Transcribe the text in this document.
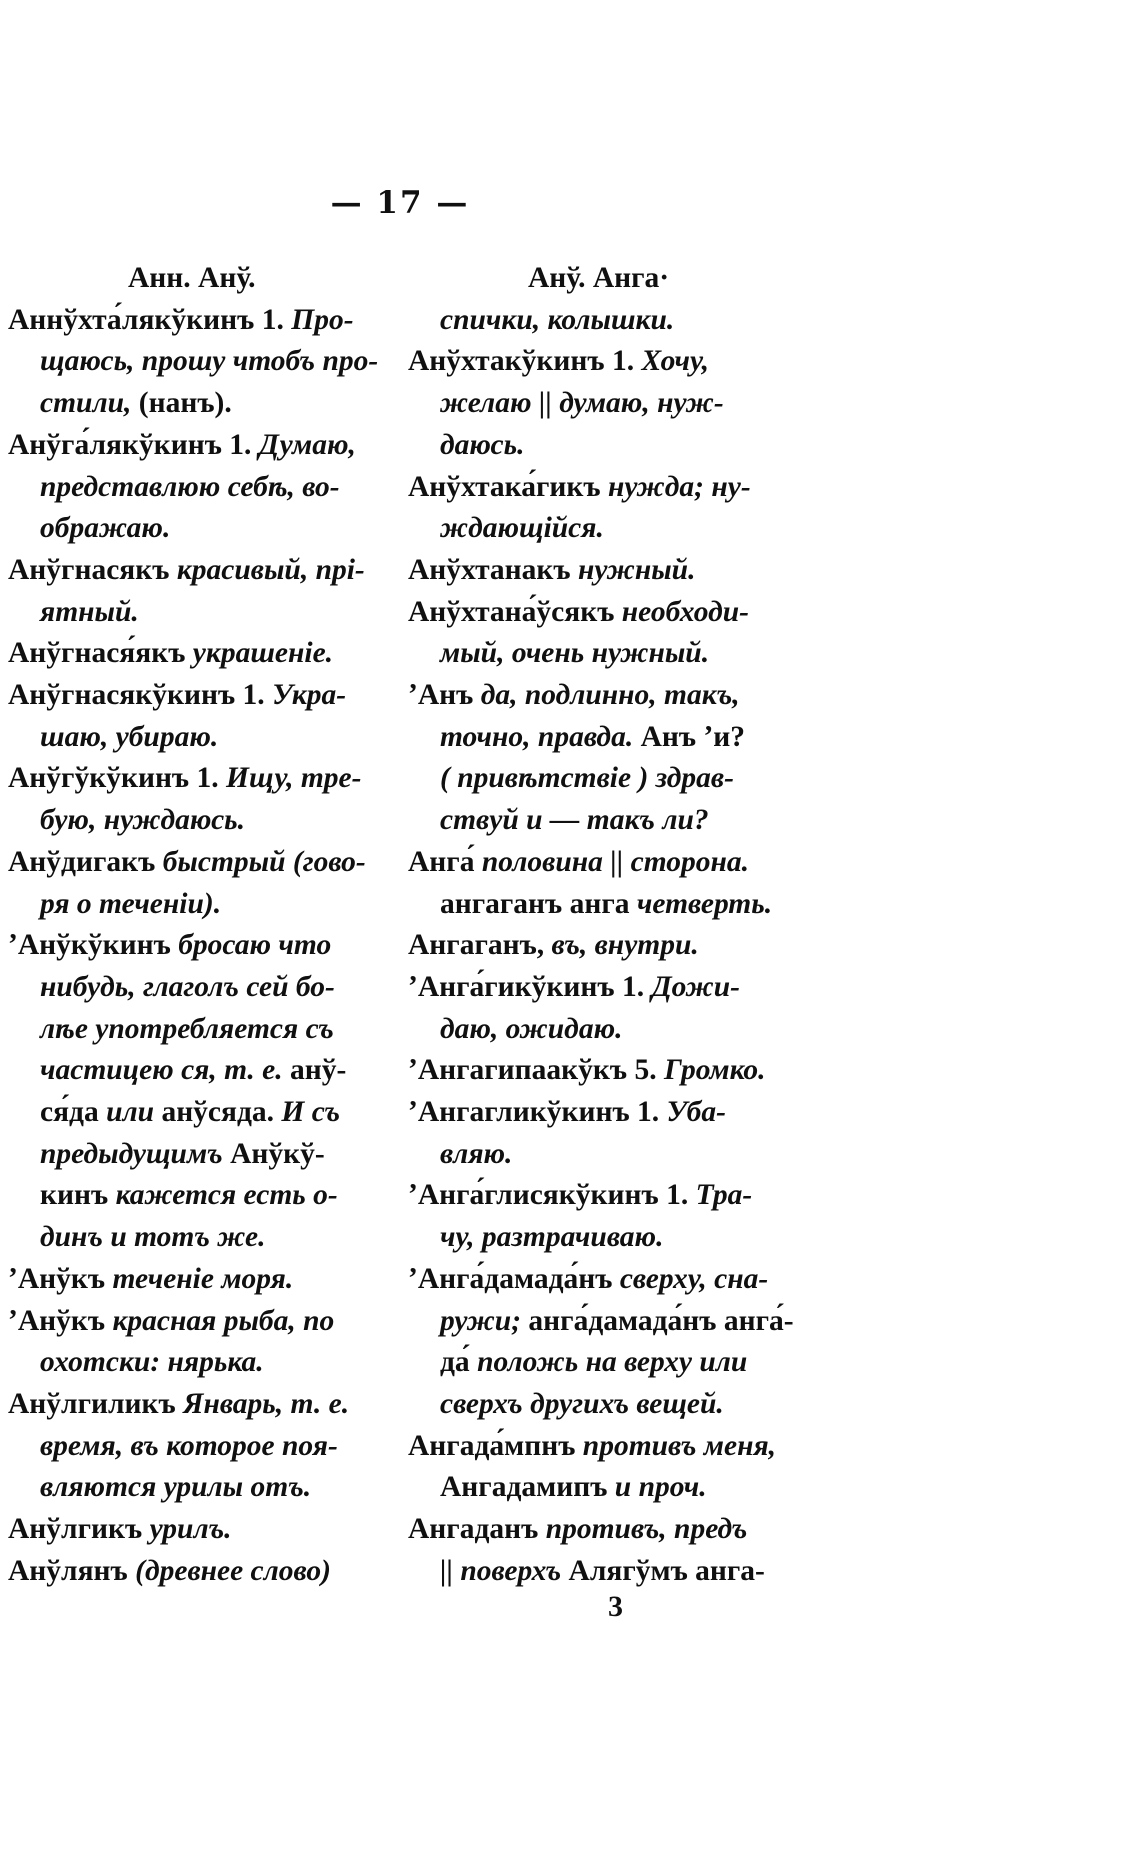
— 17 —
Анн. Анў.
Аннўхта́лякўкинъ 1. Про-
щаюсь, прошу чтобъ про-
стили, (нанъ).
Анўга́лякўкинъ 1. Думаю,
представлюю себѣ, во-
ображаю.
Анўгнасякъ красивый, прі-
ятный.
Анўгнася́якъ украшеніе.
Анўгнасякўкинъ 1. Укра-
шаю, убираю.
Анўгўкўкинъ 1. Ищу, тре-
бую, нуждаюсь.
Анўдигакъ быстрый (гово-
ря о теченіи).
ʼАнўкўкинъ бросаю что
нибудь, глаголъ сей бо-
лѣе употребляется съ
частицею ся, т. е. анў-
ся́да или анўсяда. И съ
предыдущимъ Анўкў-
кинъ кажется есть о-
динъ и тотъ же.
ʼАнўкъ теченіе моря.
ʼАнўкъ красная рыба, по
охотски: нярька.
Анўлгиликъ Январь, т. е.
время, въ которое поя-
вляются урилы отъ.
Анўлгикъ урилъ.
Анўлянъ (древнее слово)
Анў. Анга·
спички, колышки.
Анўхтакўкинъ 1. Хочу,
желаю || думаю, нуж-
даюсь.
Анўхтака́гикъ нужда; ну-
ждающійся.
Анўхтанакъ нужный.
Анўхтана́ўсякъ необходи-
мый, очень нужный.
ʼАнъ да, подлинно, такъ,
точно, правда. Анъ ʼи?
( привѣтствіе ) здрав-
ствуй и — такъ ли?
Анга́ половина || сторона.
ангаганъ анга четверть.
Ангаганъ, въ, внутри.
ʼАнга́гикўкинъ 1. Дожи-
даю, ожидаю.
ʼАнгагипаакўкъ 5. Громко.
ʼАнгагликўкинъ 1. Уба-
вляю.
ʼАнга́глисякўкинъ 1. Тра-
чу, разтрачиваю.
ʼАнга́дамада́нъ сверху, сна-
ружи; анга́дамада́нъ анга́-
да́ положь на верху или
сверхъ другихъ вещей.
Ангада́мпнъ противъ меня,
Ангадамипъ и проч.
Ангаданъ противъ, предъ
|| поверхъ Алягўмъ анга-
3
